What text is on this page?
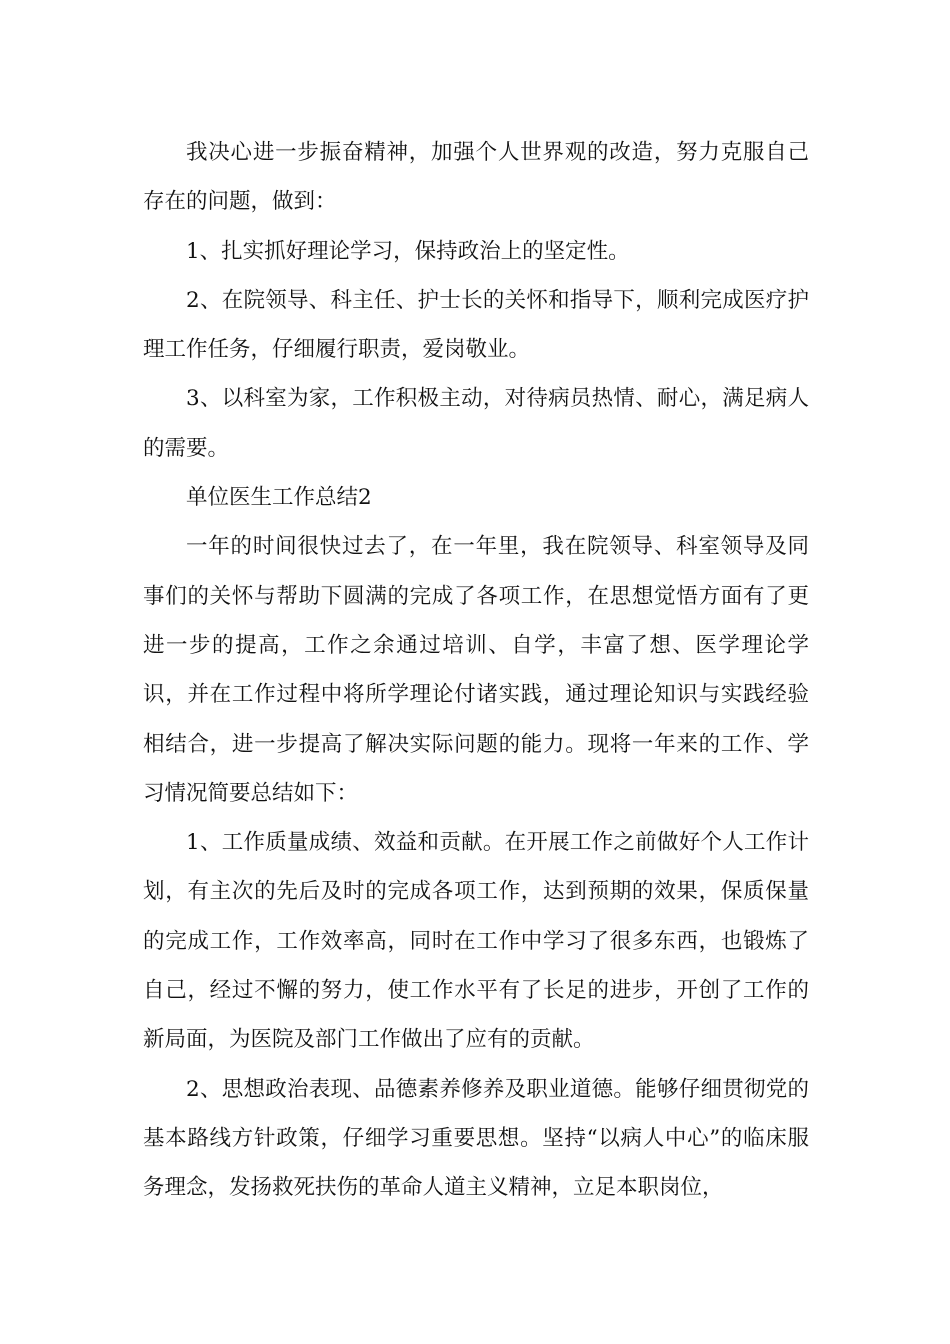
我决心进一步振奋精神，加强个人世界观的改造，努力克服自己存在的问题，做到：

1、扎实抓好理论学习，保持政治上的坚定性。

2、在院领导、科主任、护士长的关怀和指导下，顺利完成医疗护理工作任务，仔细履行职责，爱岗敬业。

3、以科室为家，工作积极主动，对待病员热情、耐心，满足病人的需要。

单位医生工作总结2

一年的时间很快过去了，在一年里，我在院领导、科室领导及同事们的关怀与帮助下圆满的完成了各项工作，在思想觉悟方面有了更进一步的提高，工作之余通过培训、自学，丰富了想、医学理论学识，并在工作过程中将所学理论付诸实践，通过理论知识与实践经验相结合，进一步提高了解决实际问题的能力。现将一年来的工作、学习情况简要总结如下：

1、工作质量成绩、效益和贡献。在开展工作之前做好个人工作计划，有主次的先后及时的完成各项工作，达到预期的效果，保质保量的完成工作，工作效率高，同时在工作中学习了很多东西，也锻炼了自己，经过不懈的努力，使工作水平有了长足的进步，开创了工作的新局面，为医院及部门工作做出了应有的贡献。

2、思想政治表现、品德素养修养及职业道德。能够仔细贯彻党的基本路线方针政策，仔细学习重要思想。坚持“以病人中心”的临床服务理念，发扬救死扶伤的革命人道主义精神，立足本职岗位，
